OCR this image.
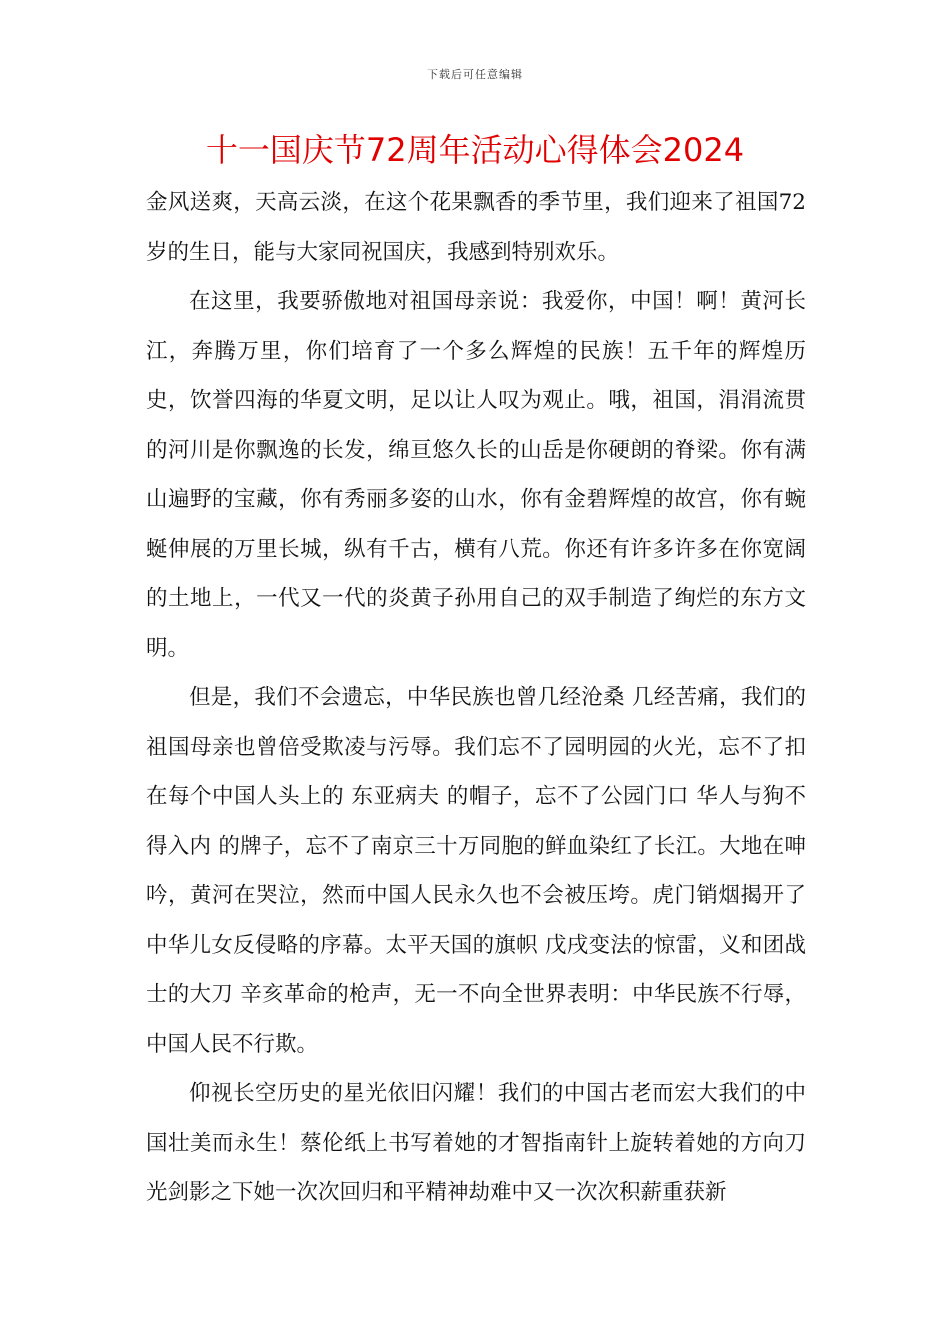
下载后可任意编辑
十一国庆节72周年活动心得体会2024

金风送爽，天高云淡，在这个花果飘香的季节里，我们迎来了祖国72岁的生日，能与大家同祝国庆，我感到特别欢乐。

在这里，我要骄傲地对祖国母亲说：我爱你，中国！啊！黄河长江，奔腾万里，你们培育了一个多么辉煌的民族！五千年的辉煌历史，饮誉四海的华夏文明，足以让人叹为观止。哦，祖国，涓涓流贯的河川是你飘逸的长发，绵亘悠久长的山岳是你硬朗的脊梁。你有满山遍野的宝藏，你有秀丽多姿的山水，你有金碧辉煌的故宫，你有蜿蜒伸展的万里长城，纵有千古，横有八荒。你还有许多许多在你宽阔的土地上，一代又一代的炎黄子孙用自己的双手制造了绚烂的东方文明。

但是，我们不会遗忘，中华民族也曾几经沧桑 几经苦痛，我们的祖国母亲也曾倍受欺凌与污辱。我们忘不了园明园的火光，忘不了扣在每个中国人头上的 东亚病夫 的帽子，忘不了公园门口 华人与狗不得入内 的牌子，忘不了南京三十万同胞的鲜血染红了长江。大地在呻吟，黄河在哭泣，然而中国人民永久也不会被压垮。虎门销烟揭开了中华儿女反侵略的序幕。太平天国的旗帜 戊戌变法的惊雷，义和团战士的大刀 辛亥革命的枪声，无一不向全世界表明：中华民族不行辱，中国人民不行欺。

仰视长空历史的星光依旧闪耀！我们的中国古老而宏大我们的中国壮美而永生！蔡伦纸上书写着她的才智指南针上旋转着她的方向刀光剑影之下她一次次回归和平精神劫难中又一次次积薪重获新
